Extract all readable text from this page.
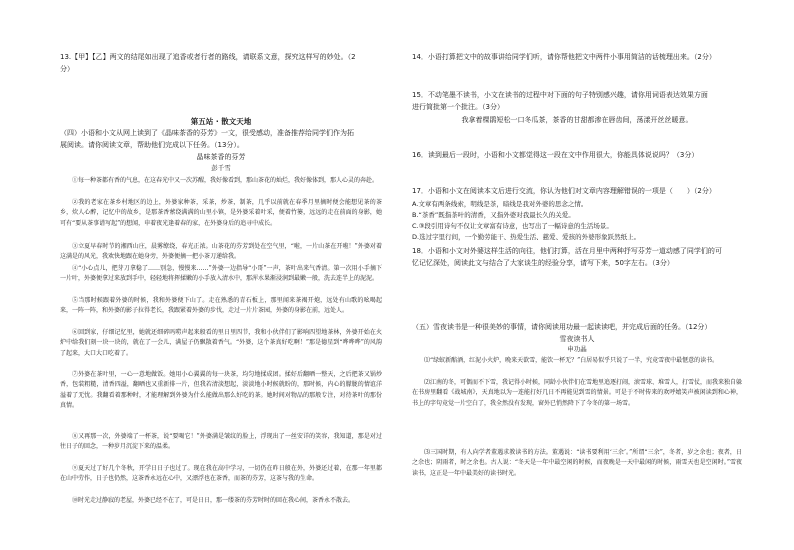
13.【甲】【乙】两文的结尾如出现了追香或者行者的路线，请联系文意，探究这样写的妙处。（2

分）

第五站 · 散文天地

（四）小语和小文从网上读到了《晶味茶香的芬芳》一文，很受感动，准备推荐给同学们作为拓

展阅读。请你阅读文章，帮助他们完成以下任务。（13分）。

晶味茶香的芬芳

彭千雪

①每一种茶都有香的气息，在这春光中又一次苏醒，我好像看到，那山茶花的灿烂，我好像体到，那人心灵的奔赴。

②我的老家在茶乡村地区的边上，外婆家种茶，采茶，炒茶，制茶，几乎以前就在春季月里摘时便会能想见茶的茶乡，炊人心醉，记忆中的故乡，是那茶香萦绕满满的山里小镇，是外婆采着叶采，便着竹篓，远远的走在前面的身影，她可有“要从茶事谱写起”的想闻，申着夜光逢着春的家，在外婆身后的追寻中成长。

③立夏早春时节的湘西山庄，晨雾缭绕，春光正浓。山茶花的芬芳到处在空气里，“啦，一片山茶在开啦！”外婆对着这满是的风光，我欢快地跟在她身旁，外婆便摘一把小茶刀递给我。

④“小心点儿，把芽刀拿稳了……别急，慢慢来……”外婆一边指导“小哥”一声，茶叶出来气香清。第一次用小手摘下一片叶，外婆便拿过来放到手中，轻轻地将挥揉嫩的小手放入清水中，那浑水果渐浸润到最嫩一般，洗去连半上的泥泥。

⑤当那时候跟着外婆的时候，我和外婆便下山了。走在熟悉的青石板上，那里闻来茶褐开炮，远处有山歌的吆喝起来，一阵一阵，和外婆的影子拉得老长，我跟紧着外婆的步伐，走过一片片茶园，外婆的身影在前，远处人。

⑥回到家，仔细记忆里，她就还细碎吗唠声起来般看的里日里四节，我和小伙伴们了影响四望地茶林，外婆开始在火炉中给我们刻一块一块的，就在了一会儿，满屋子仍飘散着香气。“外婆，这个茶真好吃啊！”那是德星到“哗哗哗”的风韵了起来，大口大口吃着了。

⑦外婆在茶叶里，一心一意地做饭。她用小心翼翼的每一块茶，均匀地揉成团。揉好后翻晒一整天，之后把茶又锅炒香，包装粗糙，清香四溢，翻晒也又重新排一片，但我若清淡想起，淡淡地小时候就盼的，那时候，内心的朦胧的情谊洋溢着了无忧。我翻看着那种时，才能理解到外婆为什么能做出那么好吃的茶。她时间对物品的那般专注，对待茶叶的那份真情。

⑧又再那一次，外婆端了一杯茶，说“要喝它！”外婆满是皱纹的脸上，浮现出了一丝安详的笑容，我知道，那是对过往日子的回念，一种岁月沉淀下来的温柔。

⑨夏天过了好几个冬秋，开学日日子也过了。现在我在高中学习，一切仍在昨日般在外，外婆还过着，在那一年里都在山中劳作，日子也仍然，这茶香永远在心中，又漂浮也在茶香，而茶的芬芳，这茶与我的生命。

⑩时光走过静寂的老屋，外婆已经不在了，可是日日，那一缕茶的芬芳时时的回在我心间，茶香永不散去。

14．小语打算把文中的故事讲给同学们听，请你帮他把文中两件小事用简洁的话梳理出来。（2分）

15．不动笔墨不读书，小文在读书的过程中对下面的句子特别感兴趣，请你用词语表达效果方面

进行简批第一个批注。（3分）

我拿着棵鹃短松一口冬瓜茶，茶香的甘甜都渗在唇齿间，荡漾开丝丝暖意。

16．读到最后一段时，小语和小文都觉得这一段在文中作用很大，你能具体说说吗？（3分）

17．小语和小文在阅读本文后进行交流，你认为他们对文章内容理解错误的一项是（　　）（2分）

A.文章有两条线索，明线是茶，暗线是我对外婆的思念之情。

B.“茶香”既指茶叶的清香，又指外婆对我最长久的关爱。

C.③段引用诗句不仅让文章富有诗意，也写出了一幅诗意的生活场景。

D.选过字里行间，一个勤劳能干、热爱生活、慈爱、爱孩的外婆形象跃然纸上。

18．小语和小文对外婆这样生活的向往，他们打算，活在月里中两种抒写芬芳一道动感了同学们的可

忆记忆深处，阅读此文与结合了大家谈生的经验分享，请写下来，50字左右。（3分）

（五）雪夜读书是一种很美妙的事情，请你阅读用功最一起读读吧，并完成后面的任务。（12分）

雪夜读书人

申功晶

⑴“绿蚁新醅酒，红泥小火炉，晚来天欲雪，能饮一杯无？”白居易似乎只说了一半，究竟雪夜中最惬意的读书。

⑵江南的冬，可偶而不下雪，我记得小时候，同龄小伙伴们在雪地里追逐打闹，滚雪球、堆雪人，打雪仗，而我来独自躲在书房里翻看《战城南》，天真地以为一连能打好几日不再能见到雪的情景。可是于不时传来的欢呼嬉笑声被闲读到和心神，书上的字句竟觉一片空白了，我全然没有发现，窗外已悄然降下了今冬的第一场雪。

⑶三国时期，有人向学者董遇求教读书的方法。董遇说：“读书要利用‘三余’。”所谓“三余”，冬者，岁之余也；夜者，日之余也；阴雨者，时之余也。古人说：“冬天是一年中最空闲的时候，而夜晚是一天中最闲的时候，雨雪天也是空闲时。”雪夜读书，这正是一年中最美好的读书时光。
